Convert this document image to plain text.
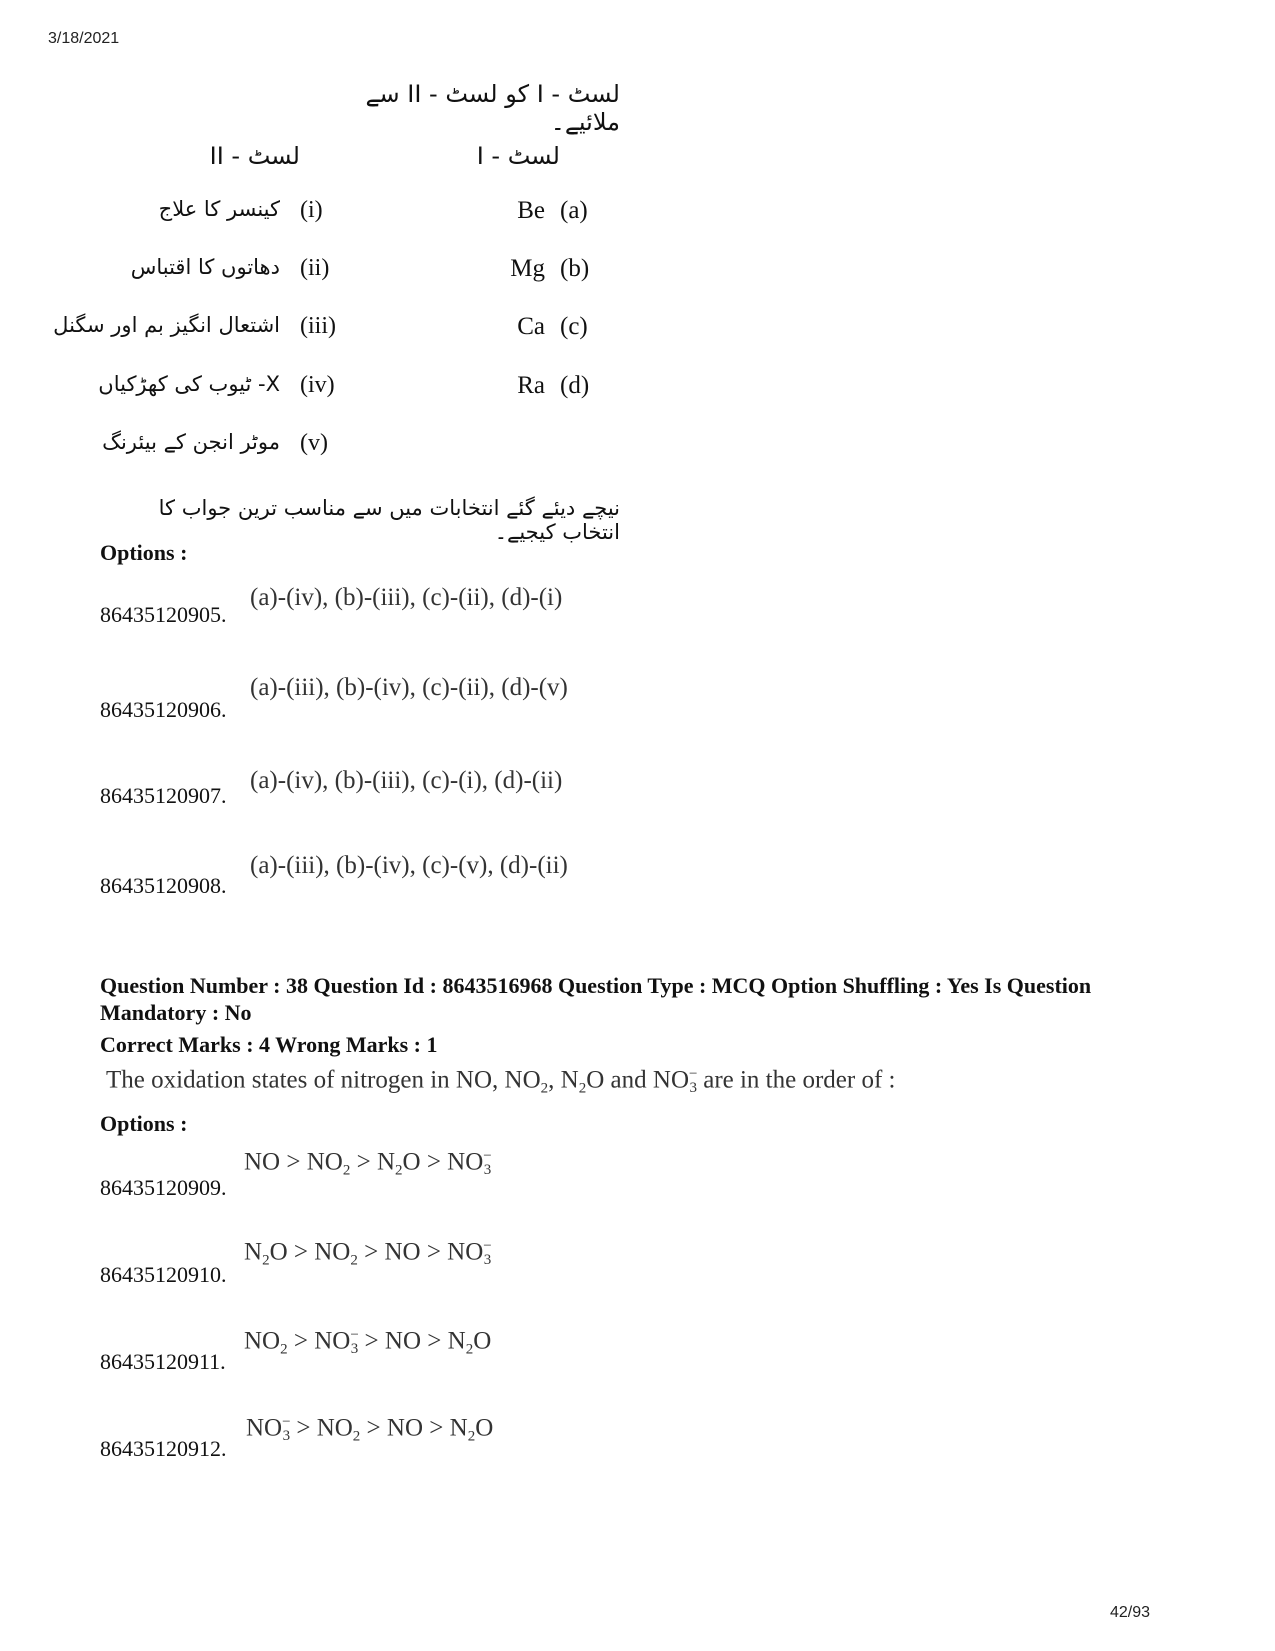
3/18/2021
لسٹ - I کو لسٹ - II سے ملائیے۔
لسٹ - II	لسٹ - I
کینسر کا علاج (i)	Be (a)
دھاتوں کا اقتباس (ii)	Mg (b)
اشتعال انگیز بم اور سگنل (iii)	Ca (c)
X- ٹیوب کی کھڑکیاں (iv)	Ra (d)
موٹر انجن کے بیئرنگ (v)
نیچے دیئے گئے انتخابات میں سے مناسب ترین جواب کا انتخاب کیجیے۔
Options :
86435120905.
(a)-(iv), (b)-(iii), (c)-(ii), (d)-(i)
86435120906.
(a)-(iii), (b)-(iv), (c)-(ii), (d)-(v)
86435120907.
(a)-(iv), (b)-(iii), (c)-(i), (d)-(ii)
86435120908.
(a)-(iii), (b)-(iv), (c)-(v), (d)-(ii)
Question Number : 38 Question Id : 8643516968 Question Type : MCQ Option Shuffling : Yes Is Question Mandatory : No
Correct Marks : 4 Wrong Marks : 1
The oxidation states of nitrogen in NO, $NO_2$, $N_2O$ and $NO^-_3$ are in the order of :
Options :
86435120909.
NO > $NO_2 > N_2O > NO^-_3$
86435120910.
$N_2O > NO_2$ > NO > $NO^-_3$
86435120911.
$NO_2 > NO^-_3$ > NO > $N_2O$
86435120912.
$NO^-_3 > NO_2$ > NO > $N_2O$
42/93
